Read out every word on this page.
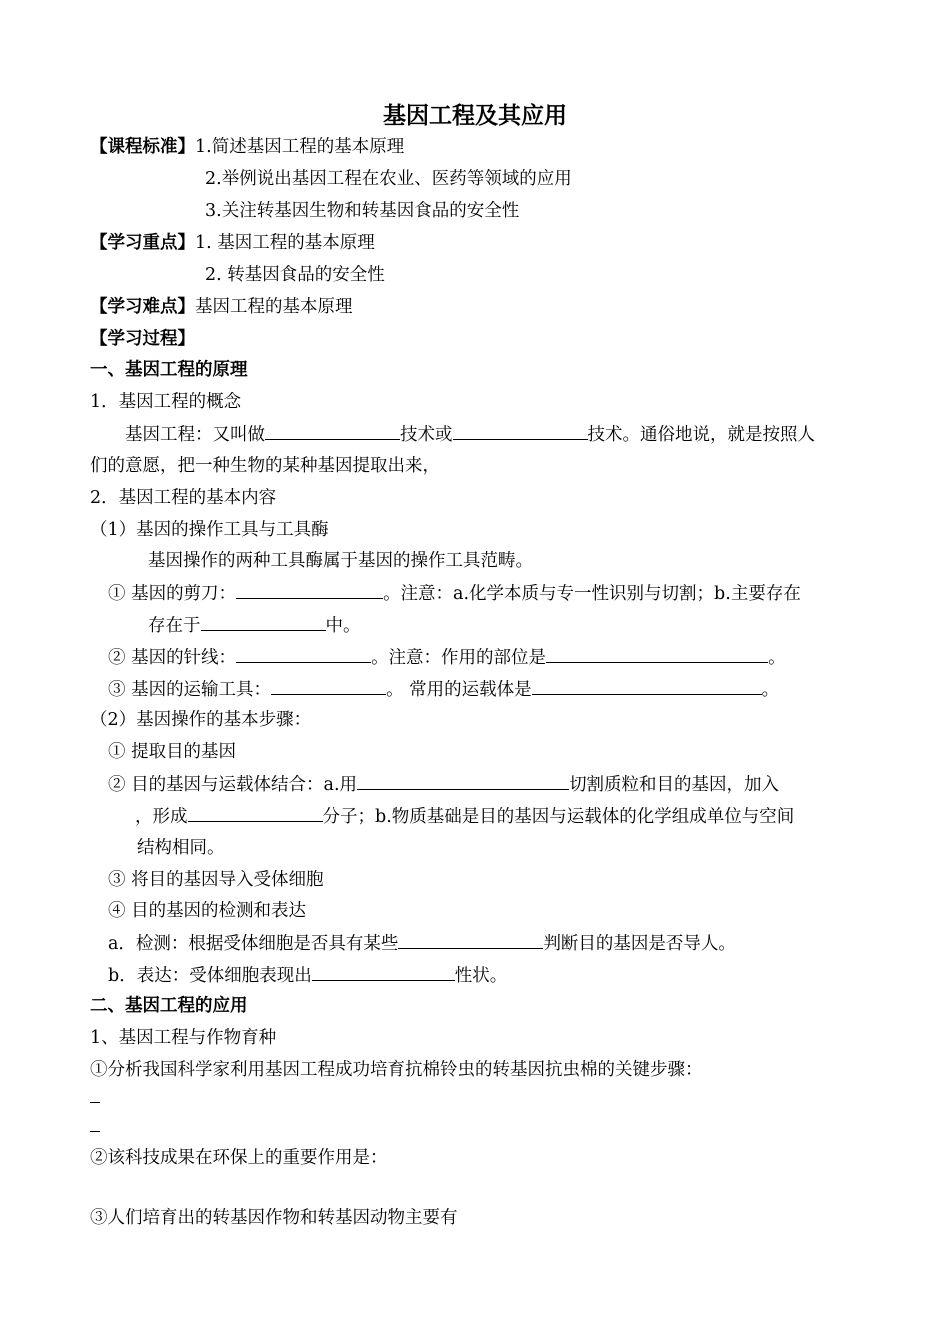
基因工程及其应用
【课程标准】1.简述基因工程的基本原理
2.举例说出基因工程在农业、医药等领域的应用
3.关注转基因生物和转基因食品的安全性
【学习重点】1. 基因工程的基本原理
2. 转基因食品的安全性
【学习难点】基因工程的基本原理
【学习过程】
一、基因工程的原理
1．基因工程的概念
基因工程：又叫做	技术或	技术。通俗地说，就是按照人
们的意愿，把一种生物的某种基因提取出来，
2．基因工程的基本内容
（1）基因的操作工具与工具酶
基因操作的两种工具酶属于基因的操作工具范畴。
① 基因的剪刀：	。注意：a.化学本质与专一性识别与切割；b.主要存在
存在于	中。
② 基因的针线：	。注意：作用的部位是	。
③ 基因的运输工具：	。 常用的运载体是	。
（2）基因操作的基本步骤：
① 提取目的基因
② 目的基因与运载体结合：a.用	切割质粒和目的基因，加入
，形成	分子；b.物质基础是目的基因与运载体的化学组成单位与空间
结构相同。
③ 将目的基因导入受体细胞
④ 目的基因的检测和表达
a．检测：根据受体细胞是否具有某些	判断目的基因是否导人。
b．表达：受体细胞表现出	性状。
二、基因工程的应用
1、基因工程与作物育种
①分析我国科学家利用基因工程成功培育抗棉铃虫的转基因抗虫棉的关键步骤：
②该科技成果在环保上的重要作用是：
③人们培育出的转基因作物和转基因动物主要有
